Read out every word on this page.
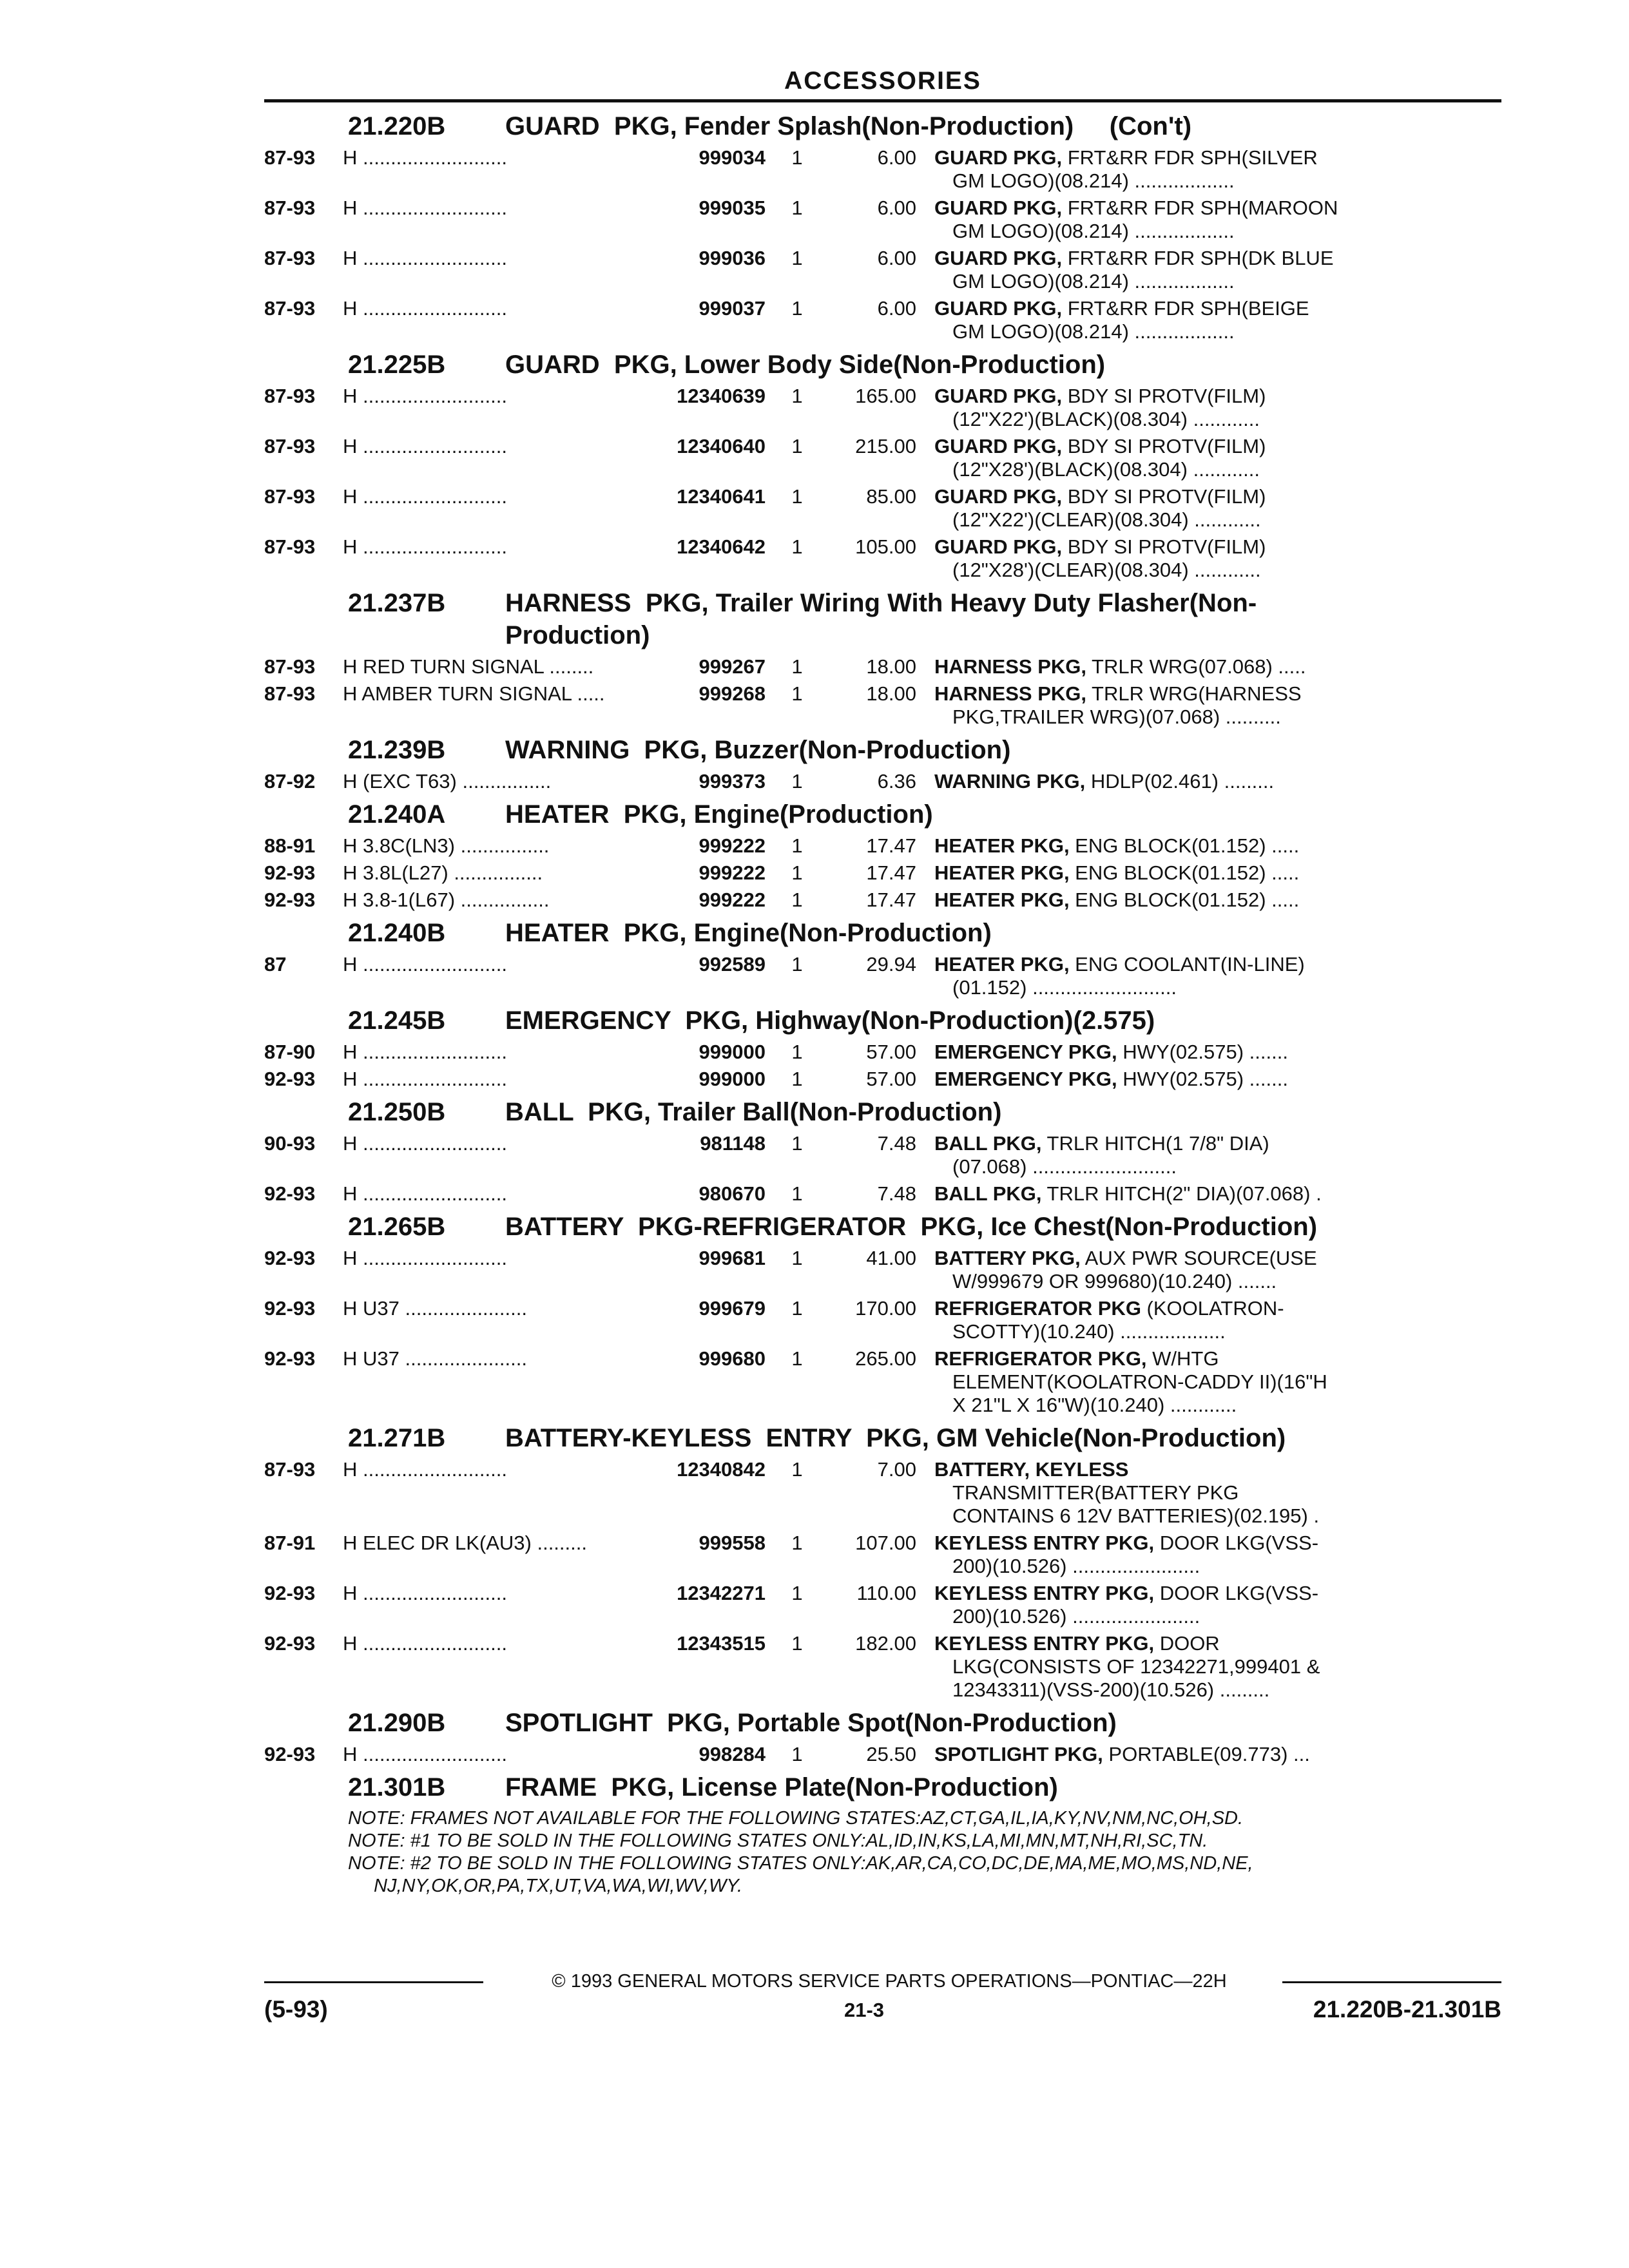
ACCESSORIES
21.220B	GUARD  PKG, Fender Splash(Non-Production)     (Con't)
87-93	H ..........................	999034	1	6.00 GUARD PKG, FRT&RR FDR SPH(SILVER
GM LOGO)(08.214) ..................
87-93	H ..........................	999035	1	6.00 GUARD PKG, FRT&RR FDR SPH(MAROON
GM LOGO)(08.214) ..................
87-93	H ..........................	999036	1	6.00 GUARD PKG, FRT&RR FDR SPH(DK BLUE
GM LOGO)(08.214) ..................
87-93	H ..........................	999037	1	6.00 GUARD PKG, FRT&RR FDR SPH(BEIGE
GM LOGO)(08.214) ..................
21.225B	GUARD  PKG, Lower Body Side(Non-Production)
87-93	H ..........................	12340639	1	165.00 GUARD PKG, BDY SI PROTV(FILM)
(12"X22')(BLACK)(08.304) ............
87-93	H ..........................	12340640	1	215.00 GUARD PKG, BDY SI PROTV(FILM)
(12"X28')(BLACK)(08.304) ............
87-93	H ..........................	12340641	1	85.00 GUARD PKG, BDY SI PROTV(FILM)
(12"X22')(CLEAR)(08.304) ............
87-93	H ..........................	12340642	1	105.00 GUARD PKG, BDY SI PROTV(FILM)
(12"X28')(CLEAR)(08.304) ............
21.237B	HARNESS  PKG, Trailer Wiring With Heavy Duty Flasher(Non-
Production)
87-93	H RED TURN SIGNAL ........	999267	1	18.00 HARNESS PKG, TRLR WRG(07.068) .....
87-93	H AMBER TURN SIGNAL .....	999268	1	18.00 HARNESS PKG, TRLR WRG(HARNESS
PKG,TRAILER WRG)(07.068) ..........
21.239B	WARNING  PKG, Buzzer(Non-Production)
87-92	H (EXC T63) ................	999373	1	6.36 WARNING PKG, HDLP(02.461) .........
21.240A	HEATER  PKG, Engine(Production)
88-91	H 3.8C(LN3) ................	999222	1	17.47 HEATER PKG, ENG BLOCK(01.152) .....
92-93	H 3.8L(L27) ................	999222	1	17.47 HEATER PKG, ENG BLOCK(01.152) .....
92-93	H 3.8-1(L67) ................	999222	1	17.47 HEATER PKG, ENG BLOCK(01.152) .....
21.240B	HEATER  PKG, Engine(Non-Production)
87	H ..........................	992589	1	29.94 HEATER PKG, ENG COOLANT(IN-LINE)
(01.152) ..........................
21.245B	EMERGENCY  PKG, Highway(Non-Production)(2.575)
87-90	H ..........................	999000	1	57.00 EMERGENCY PKG, HWY(02.575) .......
92-93	H ..........................	999000	1	57.00 EMERGENCY PKG, HWY(02.575) .......
21.250B	BALL  PKG, Trailer Ball(Non-Production)
90-93	H ..........................	981148	1	7.48 BALL PKG, TRLR HITCH(1 7/8" DIA)
(07.068) ..........................
92-93	H ..........................	980670	1	7.48 BALL PKG, TRLR HITCH(2" DIA)(07.068) .
21.265B	BATTERY  PKG-REFRIGERATOR  PKG, Ice Chest(Non-Production)
92-93	H ..........................	999681	1	41.00 BATTERY PKG, AUX PWR SOURCE(USE
W/999679 OR 999680)(10.240) .......
92-93	H U37 ......................	999679	1	170.00 REFRIGERATOR PKG (KOOLATRON-
SCOTTY)(10.240) ...................
92-93	H U37 ......................	999680	1	265.00 REFRIGERATOR PKG, W/HTG
ELEMENT(KOOLATRON-CADDY II)(16"H
X 21"L X 16"W)(10.240) ............
21.271B	BATTERY-KEYLESS  ENTRY  PKG, GM Vehicle(Non-Production)
87-93	H ..........................	12340842	1	7.00 BATTERY, KEYLESS
TRANSMITTER(BATTERY PKG
CONTAINS 6 12V BATTERIES)(02.195) .
87-91	H ELEC DR LK(AU3) .........	999558	1	107.00 KEYLESS ENTRY PKG, DOOR LKG(VSS-
200)(10.526) .......................
92-93	H ..........................	12342271	1	110.00 KEYLESS ENTRY PKG, DOOR LKG(VSS-
200)(10.526) .......................
92-93	H ..........................	12343515	1	182.00 KEYLESS ENTRY PKG, DOOR
LKG(CONSISTS OF 12342271,999401 &
12343311)(VSS-200)(10.526) .........
21.290B	SPOTLIGHT  PKG, Portable Spot(Non-Production)
92-93	H ..........................	998284	1	25.50 SPOTLIGHT PKG, PORTABLE(09.773) ...
21.301B	FRAME  PKG, License Plate(Non-Production)
NOTE: FRAMES NOT AVAILABLE FOR THE FOLLOWING STATES:AZ,CT,GA,IL,IA,KY,NV,NM,NC,OH,SD.
NOTE: #1 TO BE SOLD IN THE FOLLOWING STATES ONLY:AL,ID,IN,KS,LA,MI,MN,MT,NH,RI,SC,TN.
NOTE: #2 TO BE SOLD IN THE FOLLOWING STATES ONLY:AK,AR,CA,CO,DC,DE,MA,ME,MO,MS,ND,NE,
NJ,NY,OK,OR,PA,TX,UT,VA,WA,WI,WV,WY.
© 1993 GENERAL MOTORS SERVICE PARTS OPERATIONS—PONTIAC—22H
(5-93)	21-3	21.220B-21.301B
